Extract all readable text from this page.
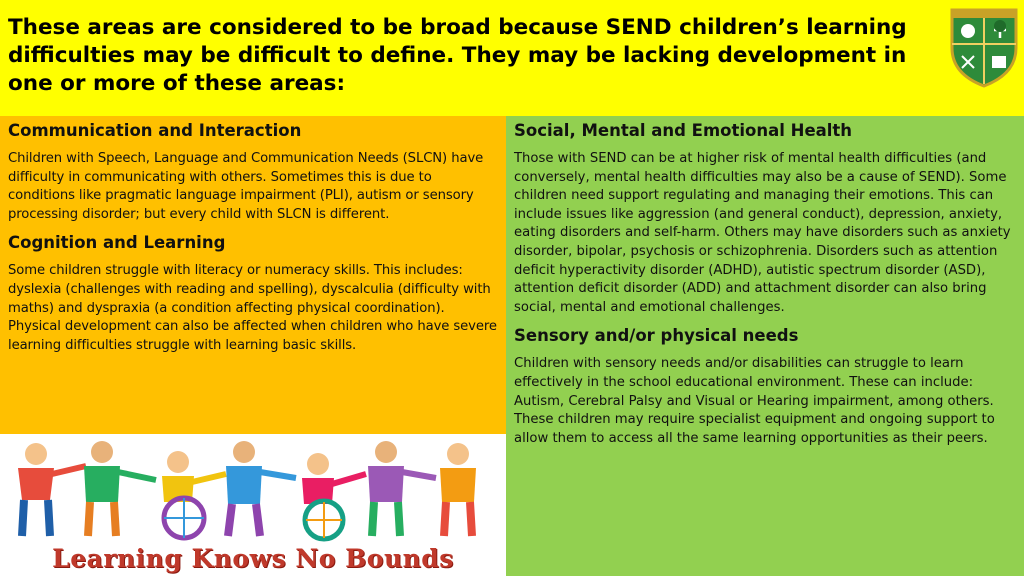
These areas are considered to be broad because SEND children’s learning difficulties may be difficult to define. They may be lacking development in one or more of these areas:
Communication and Interaction
Children with Speech, Language and Communication Needs (SLCN) have difficulty in communicating with others. Sometimes this is due to conditions like pragmatic language impairment (PLI), autism or sensory processing disorder; but every child with SLCN is different.
Cognition and Learning
Some children struggle with literacy or numeracy skills. This includes: dyslexia (challenges with reading and spelling), dyscalculia (difficulty with maths) and dyspraxia (a condition affecting physical coordination). Physical development can also be affected when children who have severe learning difficulties struggle with learning basic skills.
Social, Mental and Emotional Health
Those with SEND can be at higher risk of mental health difficulties (and conversely, mental health difficulties may also be a cause of SEND). Some children need support regulating and managing their emotions. This can include issues like aggression (and general conduct), depression, anxiety, eating disorders and self-harm. Others may have disorders such as anxiety disorder, bipolar, psychosis or schizophrenia. Disorders such as attention deficit hyperactivity disorder (ADHD), autistic spectrum disorder (ASD), attention deficit disorder (ADD) and attachment disorder can also bring social, mental and emotional challenges.
Sensory and/or physical needs
Children with sensory needs and/or disabilities can struggle to learn effectively in the school educational environment. These can include: Autism, Cerebral Palsy and Visual or Hearing impairment, among others. These children may require specialist equipment and ongoing support to allow them to access all the same learning opportunities as their peers.
Learning Knows No Bounds
